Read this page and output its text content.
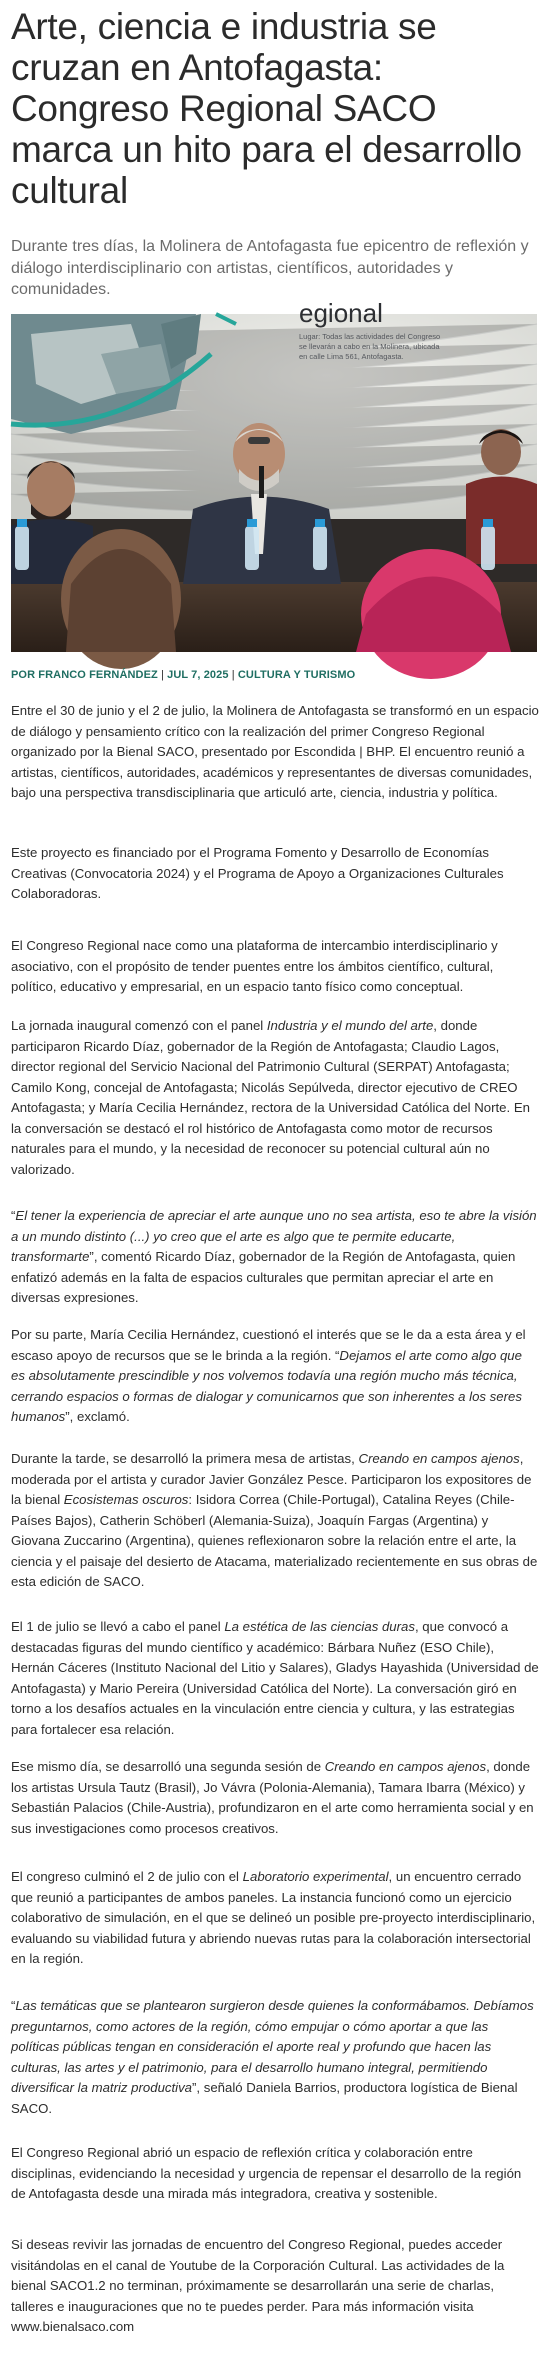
Arte, ciencia e industria se cruzan en Antofagasta: Congreso Regional SACO marca un hito para el desarrollo cultural

Durante tres días, la Molinera de Antofagasta fue epicentro de reflexión y diálogo interdisciplinario con artistas, científicos, autoridades y comunidades.

egional
Lugar: Todas las actividades del Congreso se llevarán a cabo en la Molinera, ubicada en calle Lima 561, Antofagasta.

POR FRANCO FERNÁNDEZ | JUL 7, 2025 | CULTURA Y TURISMO

Entre el 30 de junio y el 2 de julio, la Molinera de Antofagasta se transformó en un espacio de diálogo y pensamiento crítico con la realización del primer Congreso Regional organizado por la Bienal SACO, presentado por Escondida | BHP. El encuentro reunió a artistas, científicos, autoridades, académicos y representantes de diversas comunidades, bajo una perspectiva transdisciplinaria que articuló arte, ciencia, industria y política.

Este proyecto es financiado por el Programa Fomento y Desarrollo de Economías Creativas (Convocatoria 2024) y el Programa de Apoyo a Organizaciones Culturales Colaboradoras.

El Congreso Regional nace como una plataforma de intercambio interdisciplinario y asociativo, con el propósito de tender puentes entre los ámbitos científico, cultural, político, educativo y empresarial, en un espacio tanto físico como conceptual.

La jornada inaugural comenzó con el panel Industria y el mundo del arte, donde participaron Ricardo Díaz, gobernador de la Región de Antofagasta; Claudio Lagos, director regional del Servicio Nacional del Patrimonio Cultural (SERPAT) Antofagasta; Camilo Kong, concejal de Antofagasta; Nicolás Sepúlveda, director ejecutivo de CREO Antofagasta; y María Cecilia Hernández, rectora de la Universidad Católica del Norte. En la conversación se destacó el rol histórico de Antofagasta como motor de recursos naturales para el mundo, y la necesidad de reconocer su potencial cultural aún no valorizado.

“El tener la experiencia de apreciar el arte aunque uno no sea artista, eso te abre la visión a un mundo distinto (...) yo creo que el arte es algo que te permite educarte, transformarte”, comentó Ricardo Díaz, gobernador de la Región de Antofagasta, quien enfatizó además en la falta de espacios culturales que permitan apreciar el arte en diversas expresiones.

Por su parte, María Cecilia Hernández, cuestionó el interés que se le da a esta área y el escaso apoyo de recursos que se le brinda a la región. “Dejamos el arte como algo que es absolutamente prescindible y nos volvemos todavía una región mucho más técnica, cerrando espacios o formas de dialogar y comunicarnos que son inherentes a los seres humanos”, exclamó.

Durante la tarde, se desarrolló la primera mesa de artistas, Creando en campos ajenos, moderada por el artista y curador Javier González Pesce. Participaron los expositores de la bienal Ecosistemas oscuros: Isidora Correa (Chile-Portugal), Catalina Reyes (Chile-Países Bajos), Catherin Schöberl (Alemania-Suiza), Joaquín Fargas (Argentina) y Giovana Zuccarino (Argentina), quienes reflexionaron sobre la relación entre el arte, la ciencia y el paisaje del desierto de Atacama, materializado recientemente en sus obras de esta edición de SACO.

El 1 de julio se llevó a cabo el panel La estética de las ciencias duras, que convocó a destacadas figuras del mundo científico y académico: Bárbara Nuñez (ESO Chile), Hernán Cáceres (Instituto Nacional del Litio y Salares), Gladys Hayashida (Universidad de Antofagasta) y Mario Pereira (Universidad Católica del Norte). La conversación giró en torno a los desafíos actuales en la vinculación entre ciencia y cultura, y las estrategias para fortalecer esa relación.

Ese mismo día, se desarrolló una segunda sesión de Creando en campos ajenos, donde los artistas Ursula Tautz (Brasil), Jo Vávra (Polonia-Alemania), Tamara Ibarra (México) y Sebastián Palacios (Chile-Austria), profundizaron en el arte como herramienta social y en sus investigaciones como procesos creativos.

El congreso culminó el 2 de julio con el Laboratorio experimental, un encuentro cerrado que reunió a participantes de ambos paneles. La instancia funcionó como un ejercicio colaborativo de simulación, en el que se delineó un posible pre-proyecto interdisciplinario, evaluando su viabilidad futura y abriendo nuevas rutas para la colaboración intersectorial en la región.

“Las temáticas que se plantearon surgieron desde quienes la conformábamos. Debíamos preguntarnos, como actores de la región, cómo empujar o cómo aportar a que las políticas públicas tengan en consideración el aporte real y profundo que hacen las culturas, las artes y el patrimonio, para el desarrollo humano integral, permitiendo diversificar la matriz productiva”, señaló Daniela Barrios, productora logística de Bienal SACO.

El Congreso Regional abrió un espacio de reflexión crítica y colaboración entre disciplinas, evidenciando la necesidad y urgencia de repensar el desarrollo de la región de Antofagasta desde una mirada más integradora, creativa y sostenible.

Si deseas revivir las jornadas de encuentro del Congreso Regional, puedes acceder visitándolas en el canal de Youtube de la Corporación Cultural. Las actividades de la bienal SACO1.2 no terminan, próximamente se desarrollarán una serie de charlas, talleres e inauguraciones que no te puedes perder. Para más información visita www.bienalsaco.com
